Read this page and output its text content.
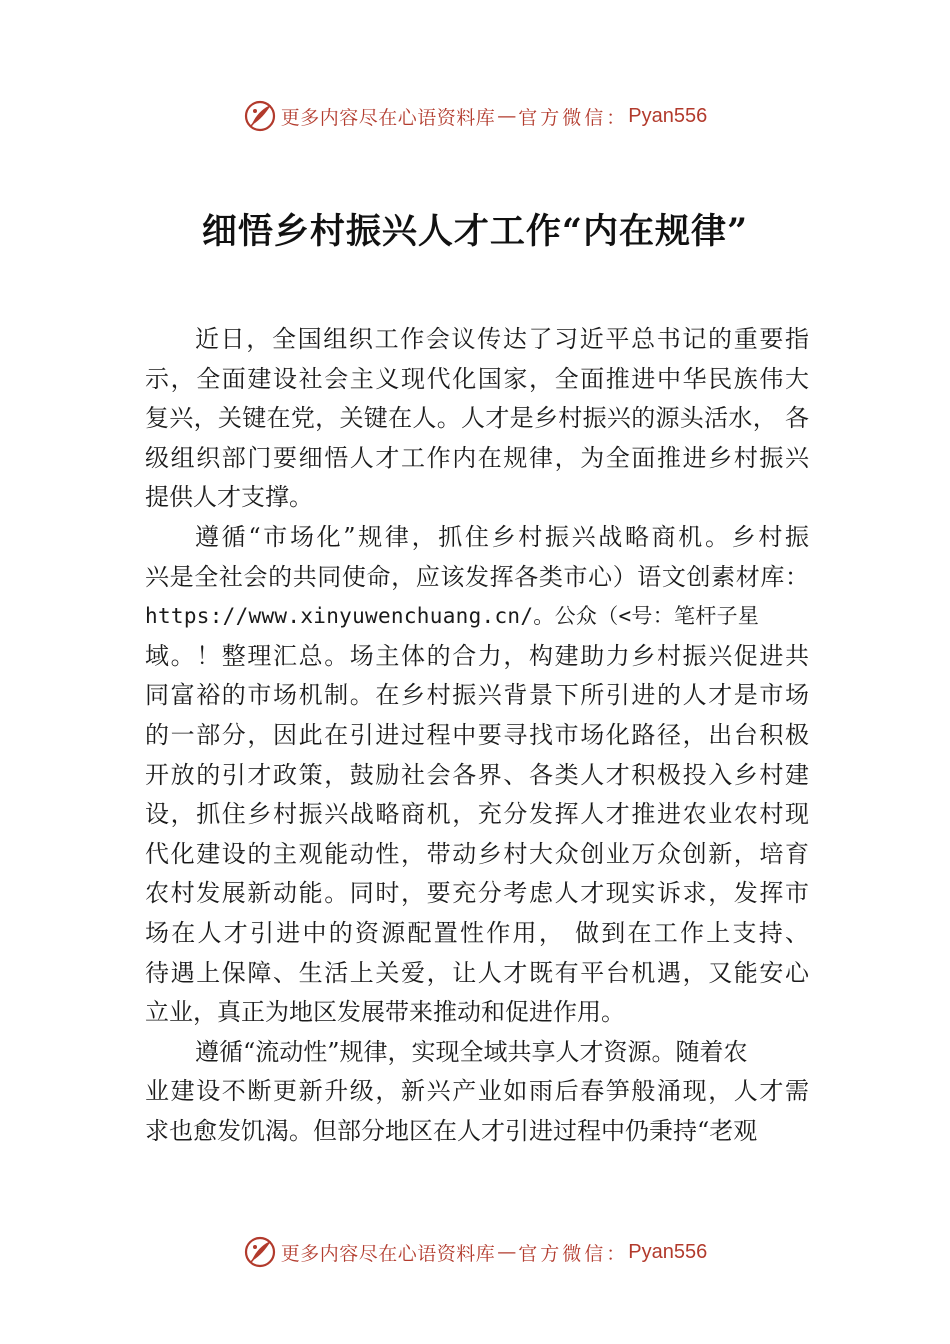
更多内容尽在心语资料库 — 官方微信： Pyan556
细悟乡村振兴人才工作“内在规律”
近日，全国组织工作会议传达了习近平总书记的重要指
示，全面建设社会主义现代化国家，全面推进中华民族伟大
复兴，关键在党，关键在人。人才是乡村振兴的源头活水， 各
级组织部门要细悟人才工作内在规律，为全面推进乡村振兴
提供人才支撑。
遵循“市场化”规律，抓住乡村振兴战略商机。乡村振
兴是全社会的共同使命，应该发挥各类市心）语文创素材库：
https://www.xinyuwenchuang.cn/。公众（<号：笔杆子星
域。！整理汇总。场主体的合力，构建助力乡村振兴促进共
同富裕的市场机制。在乡村振兴背景下所引进的人才是市场
的一部分，因此在引进过程中要寻找市场化路径，出台积极
开放的引才政策，鼓励社会各界、各类人才积极投入乡村建
设，抓住乡村振兴战略商机，充分发挥人才推进农业农村现
代化建设的主观能动性，带动乡村大众创业万众创新，培育
农村发展新动能。同时，要充分考虑人才现实诉求，发挥市
场在人才引进中的资源配置性作用， 做到在工作上支持、
待遇上保障、生活上关爱，让人才既有平台机遇，又能安心
立业，真正为地区发展带来推动和促进作用。
遵循“流动性”规律，实现全域共享人才资源。随着农
业建设不断更新升级，新兴产业如雨后春笋般涌现，人才需
求也愈发饥渴。但部分地区在人才引进过程中仍秉持“老观
更多内容尽在心语资料库 — 官方微信： Pyan556
